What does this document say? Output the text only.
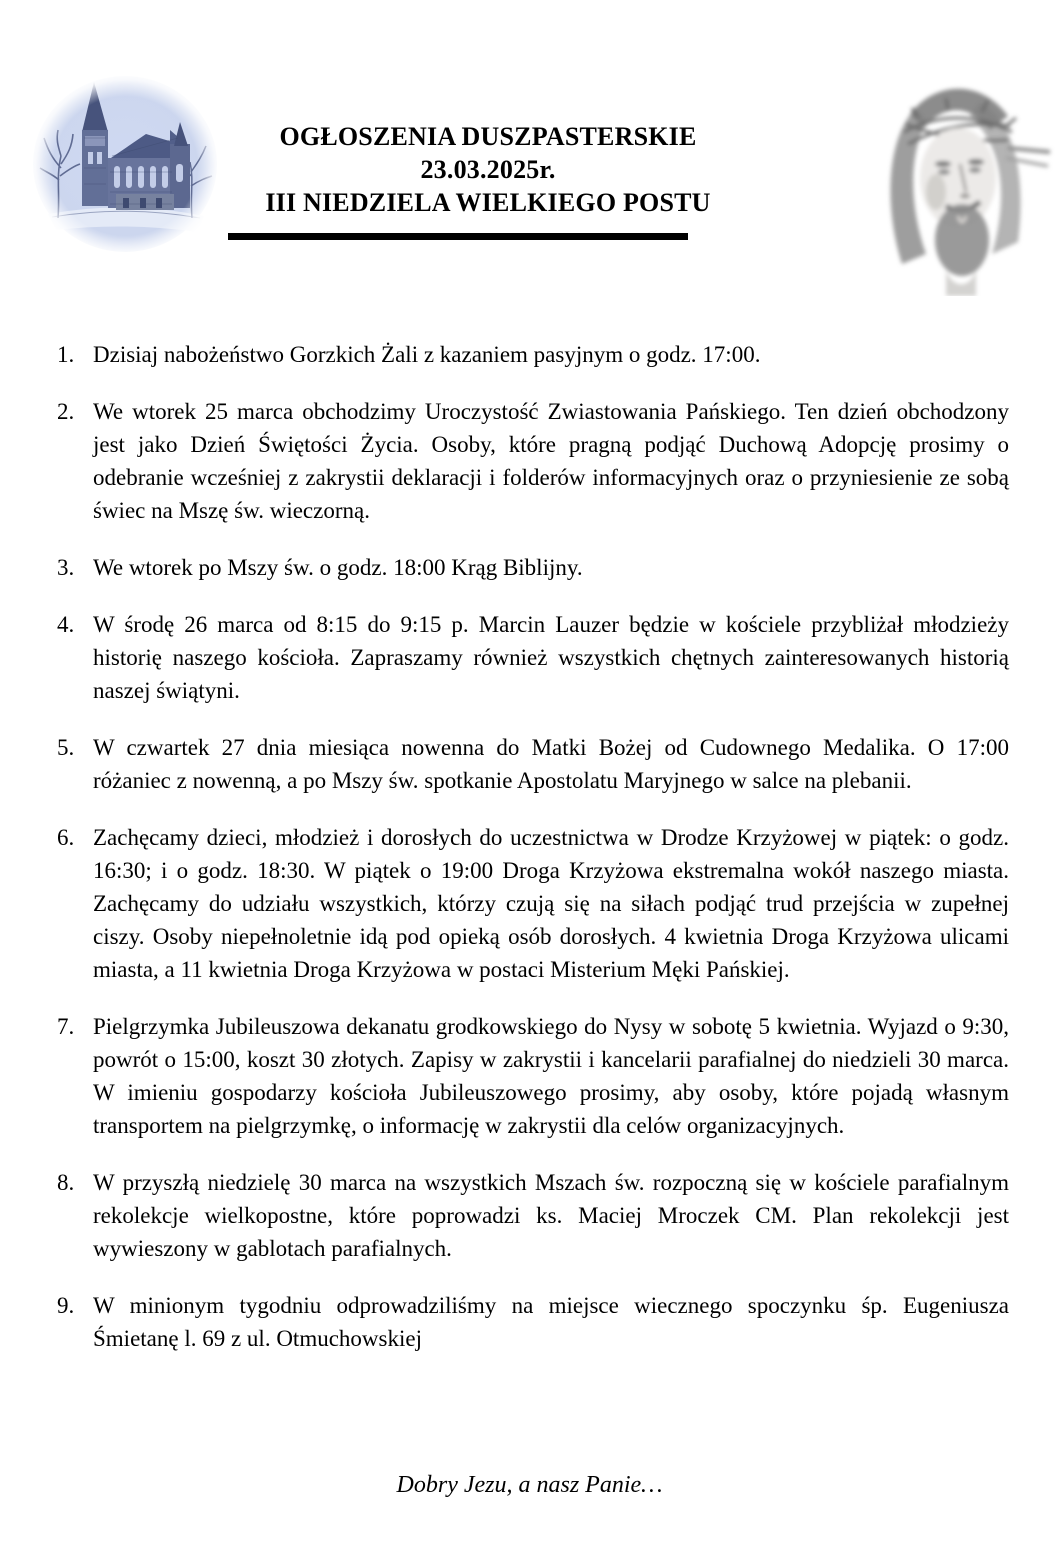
OGŁOSZENIA DUSZPASTERSKIE
23.03.2025r.
III NIEDZIELA WIELKIEGO POSTU
1. Dzisiaj nabożeństwo Gorzkich Żali z kazaniem pasyjnym o godz. 17:00.
2. We wtorek 25 marca obchodzimy Uroczystość Zwiastowania Pańskiego. Ten dzień obchodzony jest jako Dzień Świętości Życia. Osoby, które pragną podjąć Duchową Adopcję prosimy o odebranie wcześniej z zakrystii deklaracji i folderów informacyjnych oraz o przyniesienie ze sobą świec na Mszę św. wieczorną.
3. We wtorek po Mszy św. o godz. 18:00 Krąg Biblijny.
4. W środę 26 marca od 8:15 do 9:15 p. Marcin Lauzer będzie w kościele przybliżał młodzieży historię naszego kościoła. Zapraszamy również wszystkich chętnych zainteresowanych historią naszej świątyni.
5. W czwartek 27 dnia miesiąca nowenna do Matki Bożej od Cudownego Medalika. O 17:00 różaniec z nowenną, a po Mszy św. spotkanie Apostolatu Maryjnego w salce na plebanii.
6. Zachęcamy dzieci, młodzież i dorosłych do uczestnictwa w Drodze Krzyżowej w piątek: o godz. 16:30; i o godz. 18:30. W piątek o 19:00 Droga Krzyżowa ekstremalna wokół naszego miasta. Zachęcamy do udziału wszystkich, którzy czują się na siłach podjąć trud przejścia w zupełnej ciszy. Osoby niepełnoletnie idą pod opieką osób dorosłych. 4 kwietnia Droga Krzyżowa ulicami miasta, a 11 kwietnia Droga Krzyżowa w postaci Misterium Męki Pańskiej.
7. Pielgrzymka Jubileuszowa dekanatu grodkowskiego do Nysy w sobotę 5 kwietnia. Wyjazd o 9:30, powrót o 15:00, koszt 30 złotych. Zapisy w zakrystii i kancelarii parafialnej do niedzieli 30 marca. W imieniu gospodarzy kościoła Jubileuszowego prosimy, aby osoby, które pojadą własnym transportem na pielgrzymkę, o informację w zakrystii dla celów organizacyjnych.
8. W przyszłą niedzielę 30 marca na wszystkich Mszach św. rozpoczną się w kościele parafialnym rekolekcje wielkopostne, które poprowadzi ks. Maciej Mroczek CM. Plan rekolekcji jest wywieszony w gablotach parafialnych.
9. W minionym tygodniu odprowadziliśmy na miejsce wiecznego spoczynku śp. Eugeniusza Śmietanę l. 69 z ul. Otmuchowskiej
Dobry Jezu, a nasz Panie…
